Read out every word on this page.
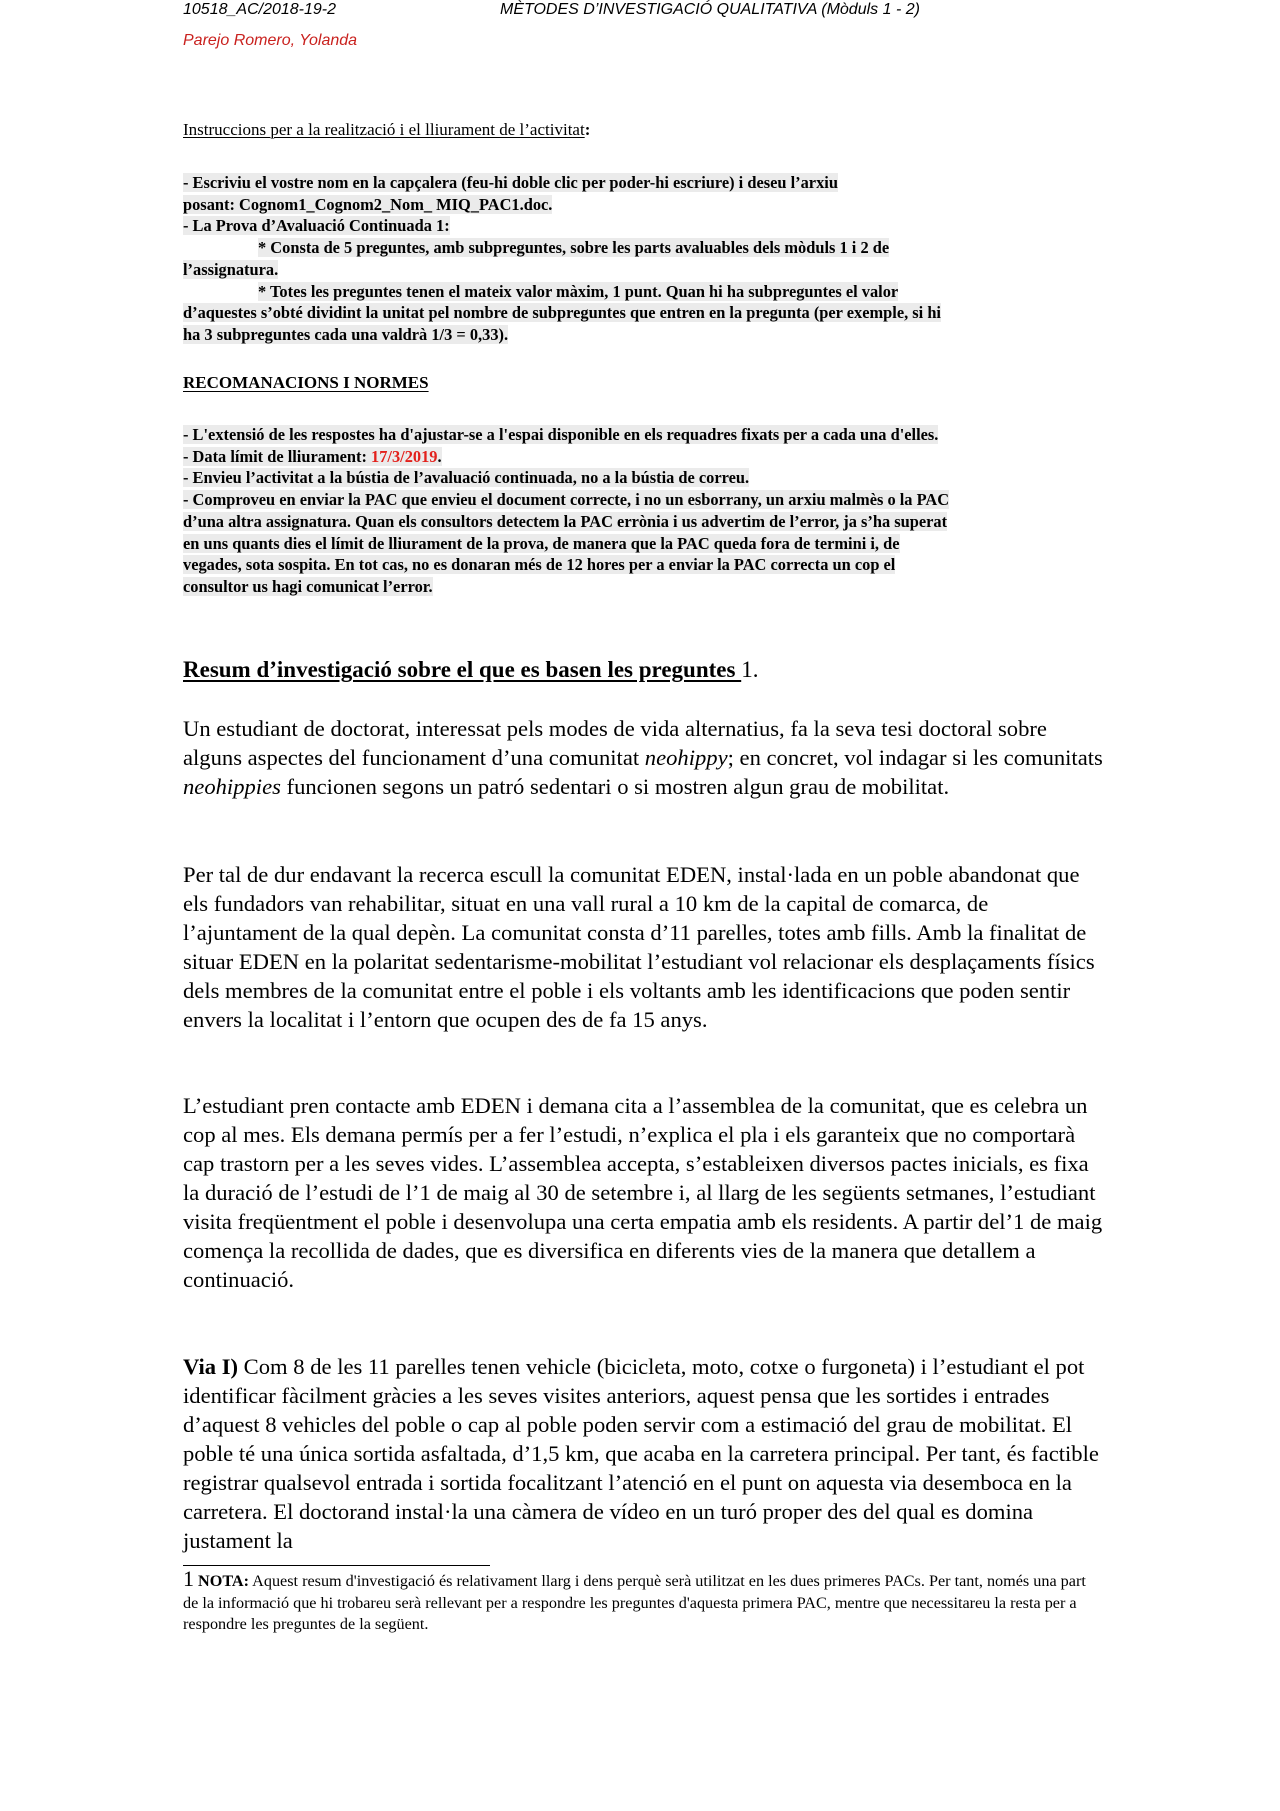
10518_AC/2018-19-2	MÈTODES D’INVESTIGACIÓ QUALITATIVA (Mòduls 1 - 2)

Parejo Romero, Yolanda

Instruccions per a la realització i el lliurament de l’activitat:

- Escriviu el vostre nom en la capçalera (feu-hi doble clic per poder-hi escriure) i deseu l’arxiu

posant: Cognom1_Cognom2_Nom_ MIQ_PAC1.doc.

- La Prova d’Avaluació Continuada 1:

* Consta de 5 preguntes, amb subpreguntes, sobre les parts avaluables dels mòduls 1 i 2 de

l’assignatura.

* Totes les preguntes tenen el mateix valor màxim, 1 punt. Quan hi ha subpreguntes el valor

d’aquestes s’obté dividint la unitat pel nombre de subpreguntes que entren en la pregunta (per exemple, si hi

ha 3 subpreguntes cada una valdrà 1/3 = 0,33).

RECOMANACIONS I NORMES

- L'extensió de les respostes ha d'ajustar-se a l'espai disponible en els requadres fixats per a cada una d'elles.

- Data límit de lliurament: 17/3/2019.

- Envieu l’activitat a la bústia de l’avaluació continuada, no a la bústia de correu.

- Comproveu en enviar la PAC que envieu el document correcte, i no un esborrany, un arxiu malmès o la PAC

d’una altra assignatura. Quan els consultors detectem la PAC errònia i us advertim de l’error, ja s’ha superat

en uns quants dies el límit de lliurament de la prova, de manera que la PAC queda fora de termini i, de

vegades, sota sospita. En tot cas, no es donaran més de 12 hores per a enviar la PAC correcta un cop el

consultor us hagi comunicat l’error.

Resum d’investigació sobre el que es basen les preguntes 1.

Un estudiant de doctorat, interessat pels modes de vida alternatius, fa la seva tesi doctoral sobre alguns aspectes del funcionament d’una comunitat neohippy; en concret, vol indagar si les comunitats neohippies funcionen segons un patró sedentari o si mostren algun grau de mobilitat.

Per tal de dur endavant la recerca escull la comunitat EDEN, instal·lada en un poble abandonat que els fundadors van rehabilitar, situat en una vall rural a 10 km de la capital de comarca, de l’ajuntament de la qual depèn. La comunitat consta d’11 parelles, totes amb fills. Amb la finalitat de situar EDEN en la polaritat sedentarisme-mobilitat l’estudiant vol relacionar els desplaçaments físics dels membres de la comunitat entre el poble i els voltants amb les identificacions que poden sentir envers la localitat i l’entorn que ocupen des de fa 15 anys.

L’estudiant pren contacte amb EDEN i demana cita a l’assemblea de la comunitat, que es celebra un cop al mes. Els demana permís per a fer l’estudi, n’explica el pla i els garanteix que no comportarà cap trastorn per a les seves vides. L’assemblea accepta, s’estableixen diversos pactes inicials, es fixa la duració de l’estudi de l’1 de maig al 30 de setembre i, al llarg de les següents setmanes, l’estudiant visita freqüentment el poble i desenvolupa una certa empatia amb els residents. A partir del’1 de maig comença la recollida de dades, que es diversifica en diferents vies de la manera que detallem a continuació.

Via I) Com 8 de les 11 parelles tenen vehicle (bicicleta, moto, cotxe o furgoneta) i l’estudiant el pot identificar fàcilment gràcies a les seves visites anteriors, aquest pensa que les sortides i entrades d’aquest 8 vehicles del poble o cap al poble poden servir com a estimació del grau de mobilitat. El poble té una única sortida asfaltada, d’1,5 km, que acaba en la carretera principal. Per tant, és factible registrar qualsevol entrada i sortida focalitzant l’atenció en el punt on aquesta via desemboca en la carretera. El doctorand instal·la una càmera de vídeo en un turó proper des del qual es domina justament la

1 NOTA: Aquest resum d'investigació és relativament llarg i dens perquè serà utilitzat en les dues primeres PACs. Per tant, només una part de la informació que hi trobareu serà rellevant per a respondre les preguntes d'aquesta primera PAC, mentre que necessitareu la resta per a respondre les preguntes de la següent.
